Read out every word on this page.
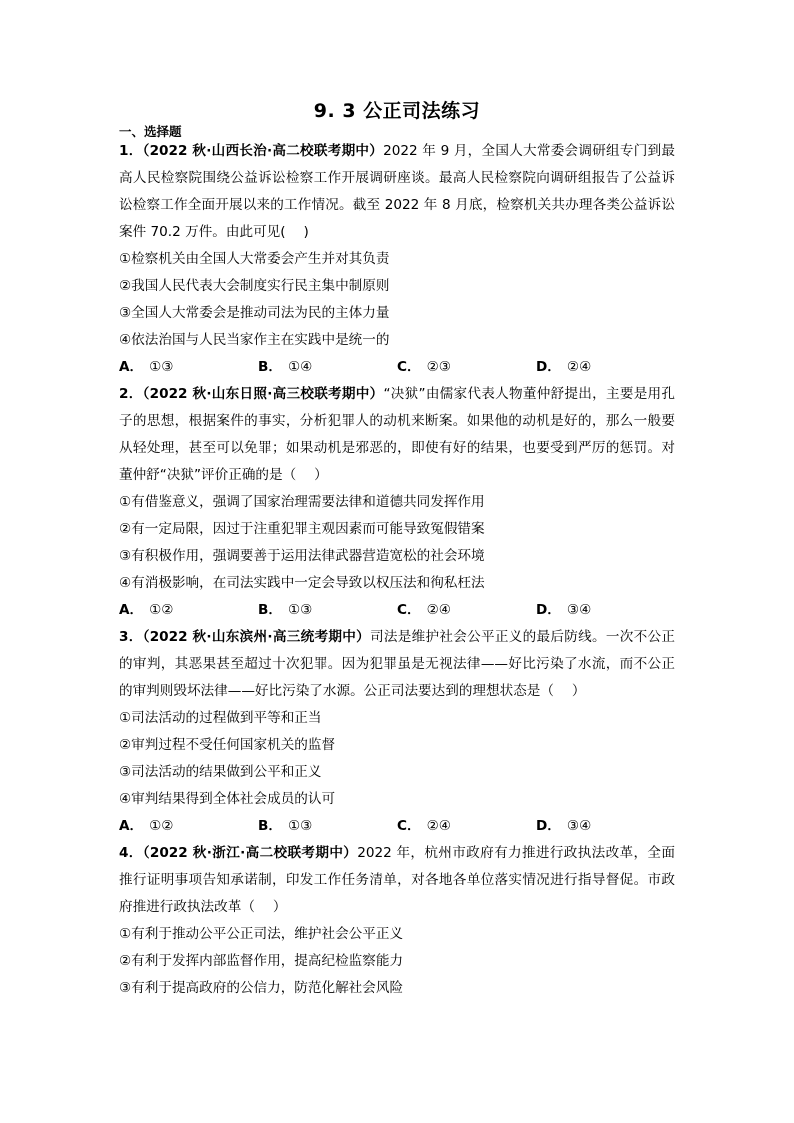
9. 3 公正司法练习
一、选择题

1．（2022 秋·山西长治·高二校联考期中）2022 年 9 月，全国人大常委会调研组专门到最高人民检察院围绕公益诉讼检察工作开展调研座谈。最高人民检察院向调研组报告了公益诉讼检察工作全面开展以来的工作情况。截至 2022 年 8 月底，检察机关共办理各类公益诉讼案件 70.2 万件。由此可见(　 )

①检察机关由全国人大常委会产生并对其负责
②我国人民代表大会制度实行民主集中制原则
③全国人大常委会是推动司法为民的主体力量
④依法治国与人民当家作主在实践中是统一的
A． ①③	B． ①④	C． ②③	D． ②④

2．（2022 秋·山东日照·高三校联考期中）“决狱”由儒家代表人物董仲舒提出，主要是用孔子的思想，根据案件的事实，分析犯罪人的动机来断案。如果他的动机是好的，那么一般要从轻处理，甚至可以免罪；如果动机是邪恶的，即使有好的结果，也要受到严厉的惩罚。对董仲舒“决狱”评价正确的是（　 ）

①有借鉴意义，强调了国家治理需要法律和道德共同发挥作用
②有一定局限，因过于注重犯罪主观因素而可能导致冤假错案
③有积极作用，强调要善于运用法律武器营造宽松的社会环境
④有消极影响，在司法实践中一定会导致以权压法和徇私枉法
A． ①②	B． ①③	C． ②④	D． ③④

3．（2022 秋·山东滨州·高三统考期中）司法是维护社会公平正义的最后防线。一次不公正的审判，其恶果甚至超过十次犯罪。因为犯罪虽是无视法律——好比污染了水流，而不公正的审判则毁坏法律——好比污染了水源。公正司法要达到的理想状态是（　 ）

①司法活动的过程做到平等和正当
②审判过程不受任何国家机关的监督
③司法活动的结果做到公平和正义
④审判结果得到全体社会成员的认可
A． ①②	B． ①③	C． ②④	D． ③④

4．（2022 秋·浙江·高二校联考期中）2022 年，杭州市政府有力推进行政执法改革，全面推行证明事项告知承诺制，印发工作任务清单，对各地各单位落实情况进行指导督促。市政府推进行政执法改革（　 ）

①有利于推动公平公正司法，维护社会公平正义
②有利于发挥内部监督作用，提高纪检监察能力
③有利于提高政府的公信力，防范化解社会风险
